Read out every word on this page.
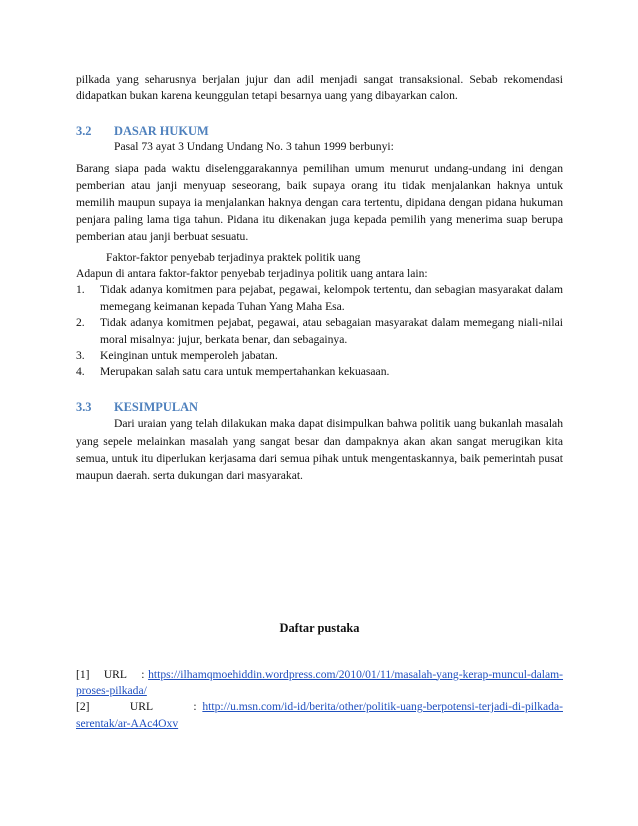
pilkada yang seharusnya berjalan jujur dan adil menjadi sangat transaksional. Sebab rekomendasi

didapatkan bukan karena keunggulan tetapi besarnya uang yang dibayarkan calon.

3.2	DASAR HUKUM

Pasal 73 ayat 3 Undang Undang No. 3 tahun 1999 berbunyi:

Barang siapa pada waktu diselenggarakannya pemilihan umum menurut undang-undang ini dengan pemberian atau janji menyuap seseorang, baik supaya orang itu tidak menjalankan haknya untuk memilih maupun supaya ia menjalankan haknya dengan cara tertentu, dipidana dengan pidana hukuman penjara paling lama tiga tahun. Pidana itu dikenakan juga kepada pemilih yang menerima suap berupa pemberian atau janji berbuat sesuatu.

Faktor-faktor penyebab terjadinya praktek politik uang

Adapun di antara faktor-faktor penyebab terjadinya politik uang antara lain:

1.	Tidak adanya komitmen para pejabat, pegawai, kelompok tertentu, dan sebagian masyarakat dalam memegang keimanan kepada Tuhan Yang Maha Esa.
2.	Tidak adanya komitmen pejabat, pegawai, atau sebagaian masyarakat dalam memegang niali-nilai moral misalnya: jujur, berkata benar, dan sebagainya.
3.	Keinginan untuk memperoleh jabatan.
4.	Merupakan salah satu cara untuk mempertahankan kekuasaan.
3.3	KESIMPULAN

Dari uraian yang telah dilakukan maka dapat disimpulkan bahwa politik uang bukanlah masalah yang sepele melainkan masalah yang sangat besar dan dampaknya akan akan sangat merugikan kita semua, untuk itu diperlukan kerjasama dari semua pihak untuk mengentaskannya, baik pemerintah pusat maupun daerah. serta dukungan dari masyarakat.

Daftar pustaka

[1] URL : https://ilhamqmoehiddin.wordpress.com/2010/01/11/masalah-yang-kerap-muncul-dalam-proses-pilkada/

[2]	URL	: http://u.msn.com/id-id/berita/other/politik-uang-berpotensi-terjadi-di-pilkada-serentak/ar-AAc4Oxv
